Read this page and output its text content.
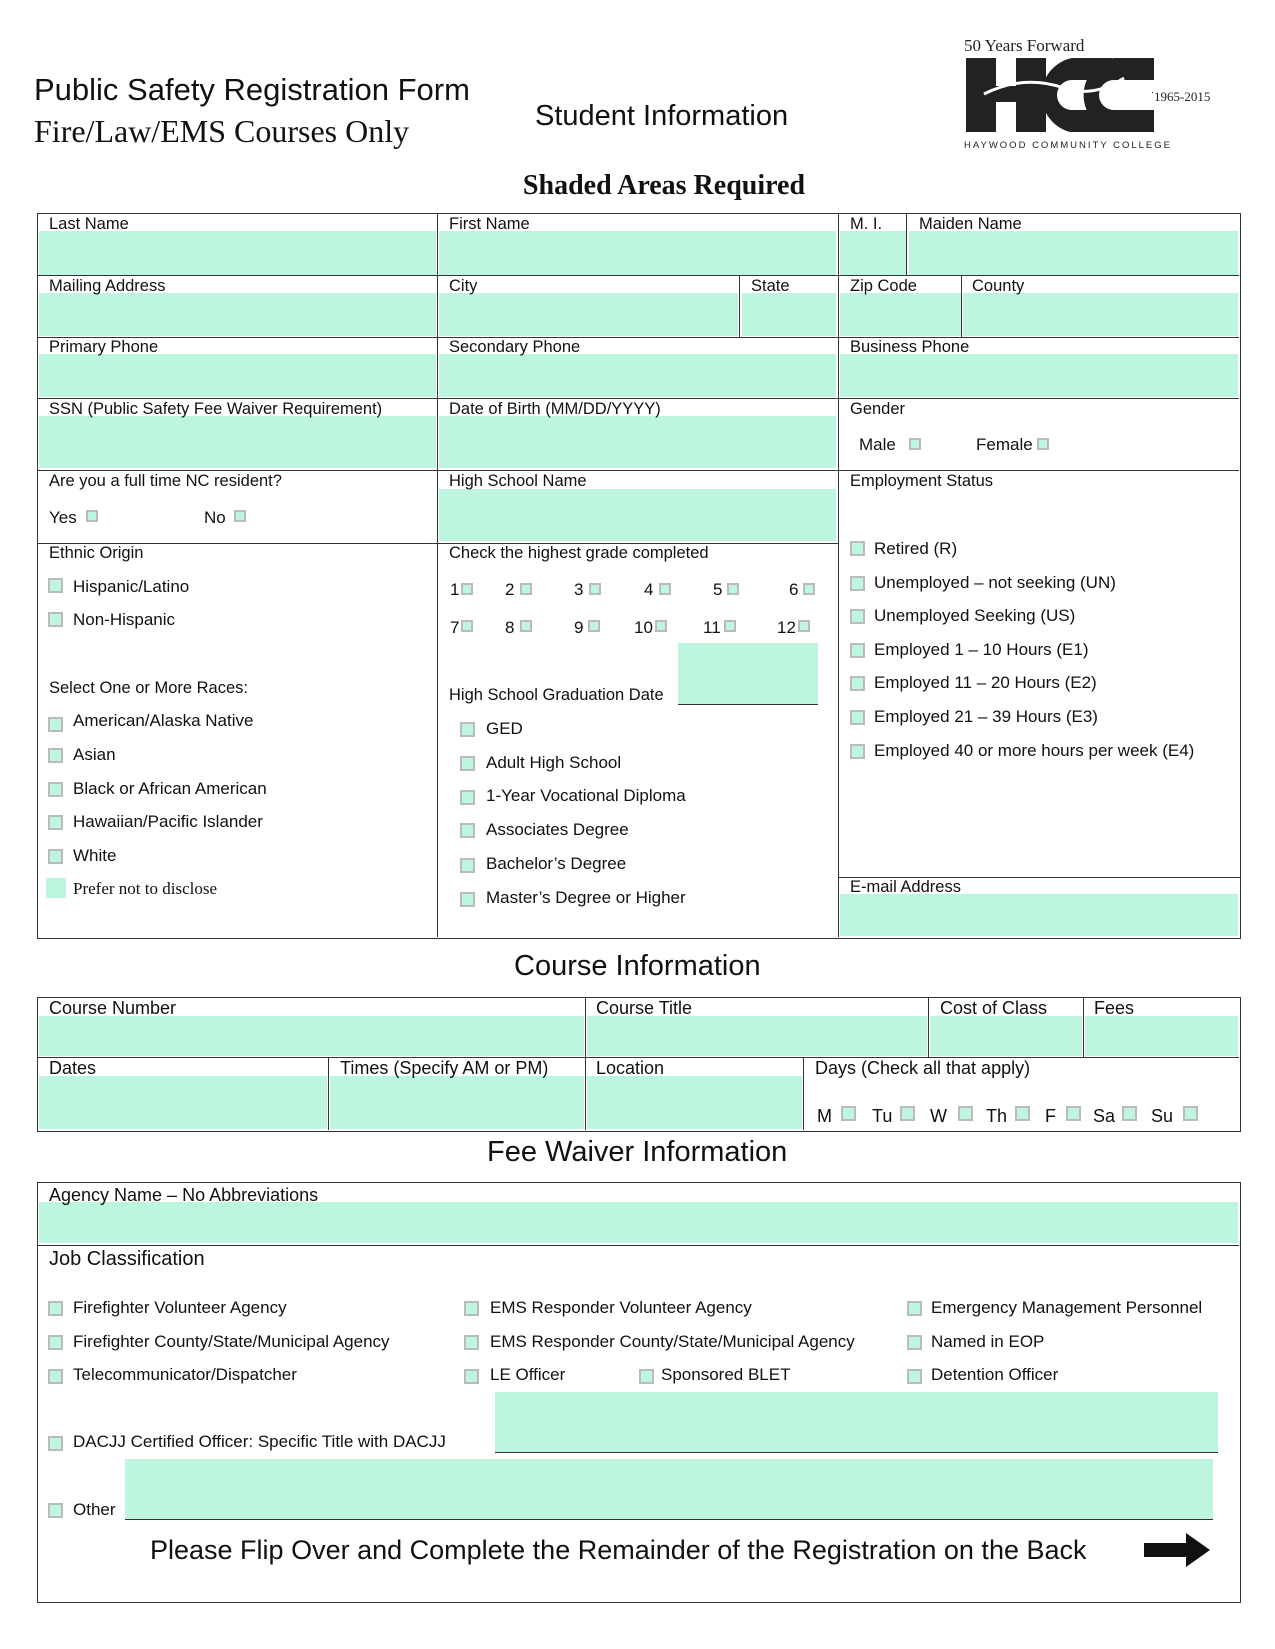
Public Safety Registration Form
Fire/Law/EMS Courses Only	Student Information
50 Years Forward
1965-2015
HAYWOOD COMMUNITY COLLEGE
Shaded Areas Required
Last Name	First Name	M. I. Maiden Name
Mailing Address	City	State	Zip Code	County
Primary Phone	Secondary Phone	Business Phone
SSN (Public Safety Fee Waiver Requirement)	Date of Birth (MM/DD/YYYY)	Gender
Male	Female
Are you a full time NC resident?
Yes	No
High School Name	Employment Status
Ethnic Origin
Hispanic/Latino
Non-Hispanic
Select One or More Races:
American/Alaska Native
Asian
Black or African American
Hawaiian/Pacific Islander
White
Prefer not to disclose
Check the highest grade completed
1	2	3	4	5	6
7	8	9	10	11	12
High School Graduation Date
GED
Adult High School
1-Year Vocational Diploma
Associates Degree
Bachelor’s Degree
Master’s Degree or Higher
Retired (R)
Unemployed – not seeking (UN)
Unemployed Seeking (US)
Employed 1 – 10 Hours (E1)
Employed 11 – 20 Hours (E2)
Employed 21 – 39 Hours (E3)
Employed 40 or more hours per week (E4)
E-mail Address
Course Information
Course Number	Course Title	Cost of Class	Fees
Dates	Times (Specify AM or PM)	Location	Days (Check all that apply)
M Tu W Th F Sa Su
Fee Waiver Information
Agency Name – No Abbreviations
Job Classification
Firefighter Volunteer Agency
Firefighter County/State/Municipal Agency
Telecommunicator/Dispatcher
EMS Responder Volunteer Agency
EMS Responder County/State/Municipal Agency
LE Officer	Sponsored BLET
Emergency Management Personnel
Named in EOP
Detention Officer
DACJJ Certified Officer: Specific Title with DACJJ
Other
Please Flip Over and Complete the Remainder of the Registration on the Back
